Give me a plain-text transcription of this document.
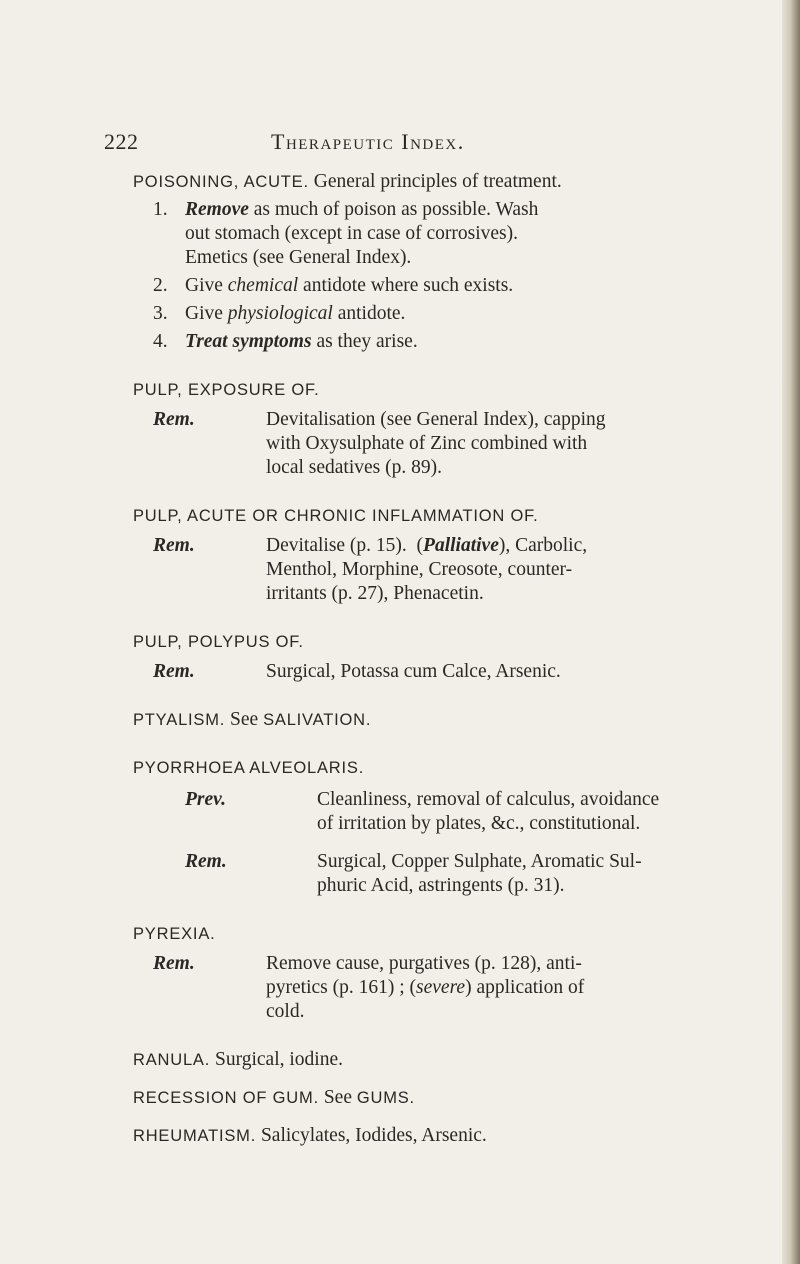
222	Therapeutic Index.
POISONING, ACUTE. General principles of treatment.
1. Remove as much of poison as possible. Wash
out stomach (except in case of corrosives).
Emetics (see General Index).
2. Give chemical antidote where such exists.
3. Give physiological antidote.
4. Treat symptoms as they arise.
PULP, EXPOSURE OF.
Rem.	Devitalisation (see General Index), capping
with Oxysulphate of Zinc combined with
local sedatives (p. 89).
PULP, ACUTE OR CHRONIC INFLAMMATION OF.
Rem.	Devitalise (p. 15).  (Palliative), Carbolic,
Menthol, Morphine, Creosote, counter-
irritants (p. 27), Phenacetin.
PULP, POLYPUS OF.
Rem.	Surgical, Potassa cum Calce, Arsenic.
PTYALISM. See SALIVATION.
PYORRHOEA ALVEOLARIS.
Prev.	Cleanliness, removal of calculus, avoidance
of irritation by plates, &c., constitutional.
Rem.	Surgical, Copper Sulphate, Aromatic Sul-
phuric Acid, astringents (p. 31).
PYREXIA.
Rem.	Remove cause, purgatives (p. 128), anti-
pyretics (p. 161) ; (severe) application of
cold.
RANULA. Surgical, iodine.
RECESSION OF GUM. See GUMS.
RHEUMATISM. Salicylates, Iodides, Arsenic.
